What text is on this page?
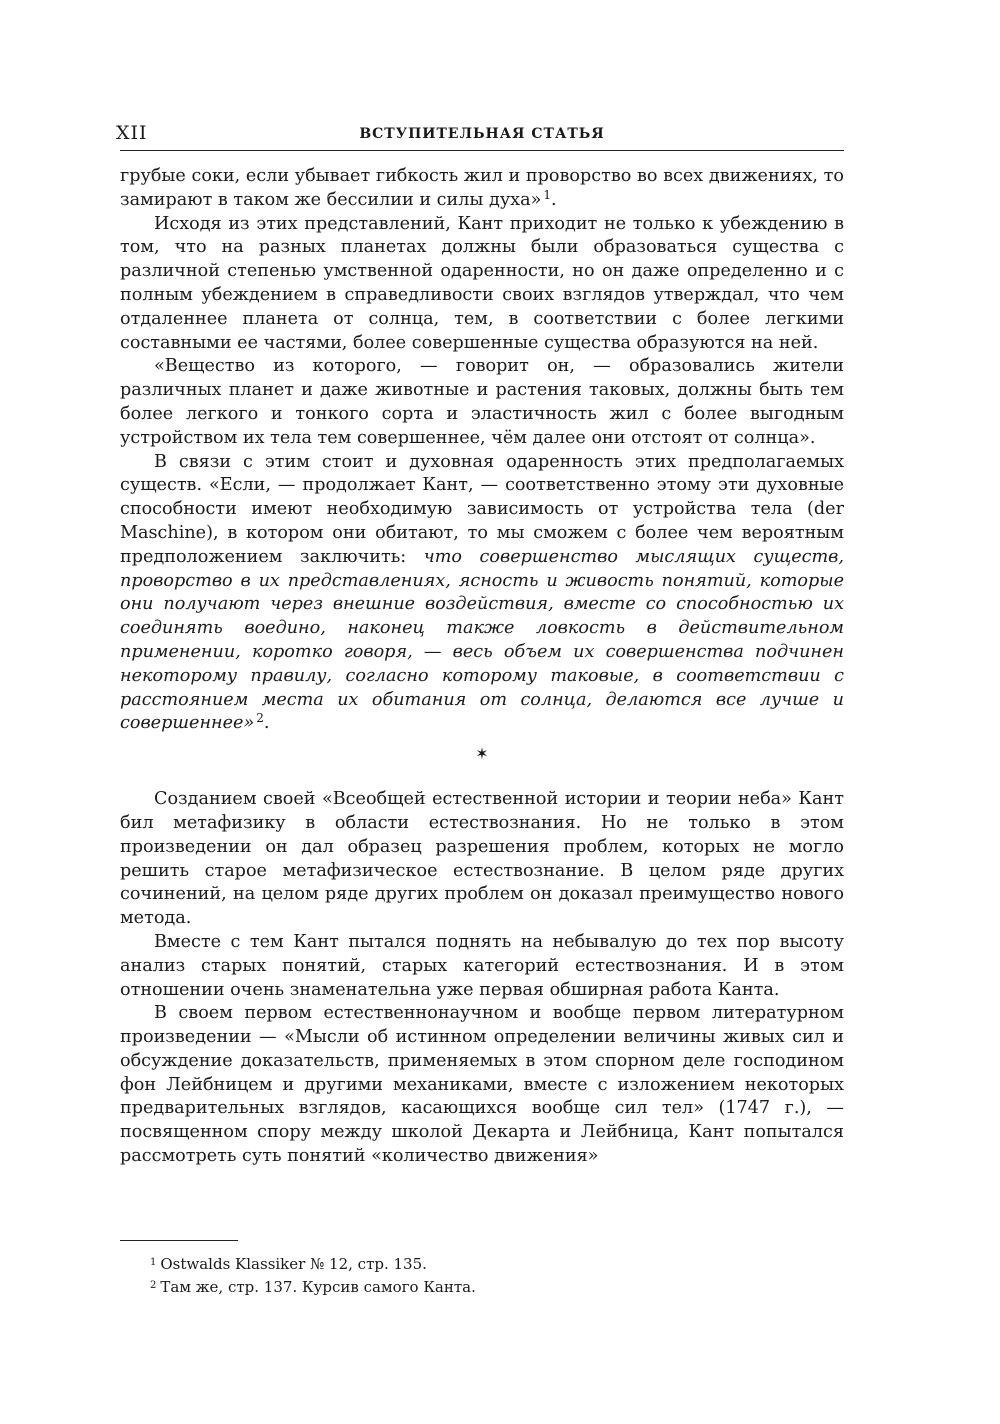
XII	ВСТУПИТЕЛЬНАЯ СТАТЬЯ

грубые соки, если убывает гибкость жил и проворство во всех движениях, то замирают в таком же бессилии и силы духа» $^1$.

Исходя из этих представлений, Кант приходит не только к убеждению в том, что на разных планетах должны были образоваться существа с различной степенью умственной одаренности, но он даже определенно и с полным убеждением в справедливости своих взглядов утверждал, что чем отдаленнее планета от солнца, тем, в соответствии с более легкими составными ее частями, более совершенные существа образуются на ней.

«Вещество из которого, — говорит он, — образовались жители различных планет и даже животные и растения таковых, должны быть тем более легкого и тонкого сорта и эластичность жил с более выгодным устройством их тела тем совершеннее, чём далее они отстоят от солнца».

В связи с этим стоит и духовная одаренность этих предполагаемых существ. «Если, — продолжает Кант, — соответственно этому эти духовные способности имеют необходимую зависимость от устройства тела (der Maschine), в котором они обитают, то мы сможем с более чем вероятным предположением заключить: что совершенство мыслящих существ, проворство в их представлениях, ясность и живость понятий, которые они получают через внешние воздействия, вместе со способностью их соединять воедино, наконец также ловкость в действительном применении, коротко говоря, — весь объем их совершенства подчинен некоторому правилу, согласно которому таковые, в соответствии с расстоянием места их обитания от солнца, делаются все лучше и совершеннее» $^2$.

✶

Созданием своей «Всеобщей естественной истории и теории неба» Кант бил метафизику в области естествознания. Но не только в этом произведении он дал образец разрешения проблем, которых не могло решить старое метафизическое естествознание. В целом ряде других сочинений, на целом ряде других проблем он доказал преимущество нового метода.

Вместе с тем Кант пытался поднять на небывалую до тех пор высоту анализ старых понятий, старых категорий естествознания. И в этом отношении очень знаменательна уже первая обширная работа Канта.

В своем первом естественнонаучном и вообще первом литературном произведении — «Мысли об истинном определении величины живых сил и обсуждение доказательств, применяемых в этом спорном деле господином фон Лейбницем и другими механиками, вместе с изложением некоторых предварительных взглядов, касающихся вообще сил тел» (1747 г.), — посвященном спору между школой Декарта и Лейбница, Кант попытался рассмотреть суть понятий «количество движения»

$^1$ Ostwalds Klassiker № 12, стр. 135.
$^2$ Там же, стр. 137. Курсив самого Канта.
